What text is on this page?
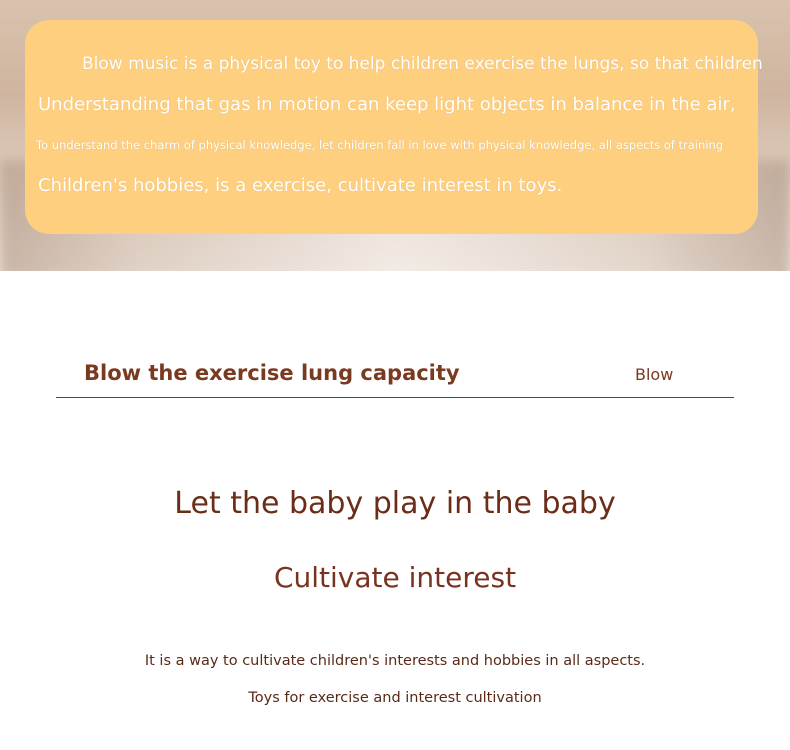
Blow music is a physical toy to help children exercise the lungs, so that children

Understanding that gas in motion can keep light objects in balance in the air,

To understand the charm of physical knowledge, let children fall in love with physical knowledge, all aspects of training

Children's hobbies, is a exercise, cultivate interest in toys.

Blow the exercise lung capacity	Blow
Let the baby play in the baby
Cultivate interest
It is a way to cultivate children's interests and hobbies in all aspects.
Toys for exercise and interest cultivation
